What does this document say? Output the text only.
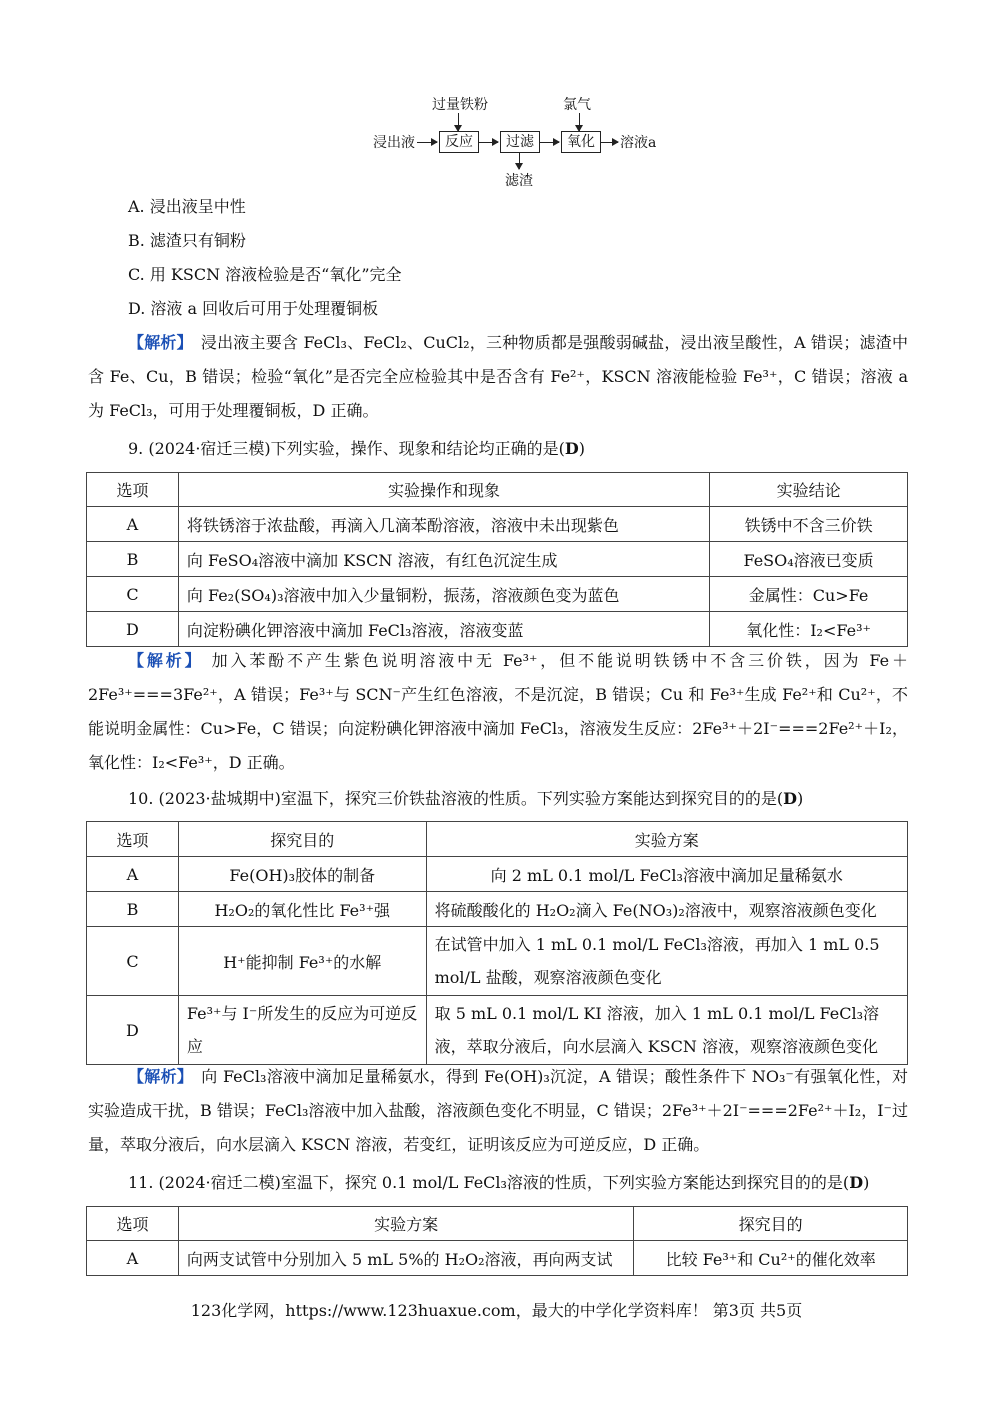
过量铁粉	氯气
浸出液	反应	过滤	氧化	溶液a
滤渣
A. 浸出液呈中性
B. 滤渣只有铜粉
C. 用 KSCN 溶液检验是否“氧化”完全
D. 溶液 a 回收后可用于处理覆铜板
【解析】 浸出液主要含 FeCl₃、FeCl₂、CuCl₂，三种物质都是强酸弱碱盐，浸出液呈酸性，A 错误；滤渣中含 Fe、Cu，B 错误；检验“氧化”是否完全应检验其中是否含有 Fe²⁺，KSCN 溶液能检验 Fe³⁺，C 错误；溶液 a 为 FeCl₃，可用于处理覆铜板，D 正确。
9. (2024·宿迁三模)下列实验，操作、现象和结论均正确的是(D)
选项	实验操作和现象	实验结论
A	将铁锈溶于浓盐酸，再滴入几滴苯酚溶液，溶液中未出现紫色	铁锈中不含三价铁
B	向 FeSO₄溶液中滴加 KSCN 溶液，有红色沉淀生成	FeSO₄溶液已变质
C	向 Fe₂(SO₄)₃溶液中加入少量铜粉，振荡，溶液颜色变为蓝色	金属性：Cu>Fe
D	向淀粉碘化钾溶液中滴加 FeCl₃溶液，溶液变蓝	氧化性：I₂<Fe³⁺
【解析】 加入苯酚不产生紫色说明溶液中无 Fe³⁺，但不能说明铁锈中不含三价铁，因为 Fe＋2Fe³⁺===3Fe²⁺，A 错误；Fe³⁺与 SCN⁻产生红色溶液，不是沉淀，B 错误；Cu 和 Fe³⁺生成 Fe²⁺和 Cu²⁺，不能说明金属性：Cu>Fe，C 错误；向淀粉碘化钾溶液中滴加 FeCl₃，溶液发生反应：2Fe³⁺＋2I⁻===2Fe²⁺＋I₂，氧化性：I₂<Fe³⁺，D 正确。
10. (2023·盐城期中)室温下，探究三价铁盐溶液的性质。下列实验方案能达到探究目的的是(D)
选项	探究目的	实验方案
A	Fe(OH)₃胶体的制备	向 2 mL 0.1 mol/L FeCl₃溶液中滴加足量稀氨水
B	H₂O₂的氧化性比 Fe³⁺强	将硫酸酸化的 H₂O₂滴入 Fe(NO₃)₂溶液中，观察溶液颜色变化
C	H⁺能抑制 Fe³⁺的水解	在试管中加入 1 mL 0.1 mol/L FeCl₃溶液，再加入 1 mL 0.5 mol/L 盐酸，观察溶液颜色变化
D	Fe³⁺与 I⁻所发生的反应为可逆反应	取 5 mL 0.1 mol/L KI 溶液，加入 1 mL 0.1 mol/L FeCl₃溶液，萃取分液后，向水层滴入 KSCN 溶液，观察溶液颜色变化
【解析】 向 FeCl₃溶液中滴加足量稀氨水，得到 Fe(OH)₃沉淀，A 错误；酸性条件下 NO₃⁻有强氧化性，对实验造成干扰，B 错误；FeCl₃溶液中加入盐酸，溶液颜色变化不明显，C 错误；2Fe³⁺＋2I⁻===2Fe²⁺＋I₂，I⁻过量，萃取分液后，向水层滴入 KSCN 溶液，若变红，证明该反应为可逆反应，D 正确。
11. (2024·宿迁二模)室温下，探究 0.1 mol/L FeCl₃溶液的性质，下列实验方案能达到探究目的的是(D)
选项	实验方案	探究目的
A	向两支试管中分别加入 5 mL 5%的 H₂O₂溶液，再向两支试	比较 Fe³⁺和 Cu²⁺的催化效率
123化学网，https://www.123huaxue.com，最大的中学化学资料库！ 第3页 共5页
